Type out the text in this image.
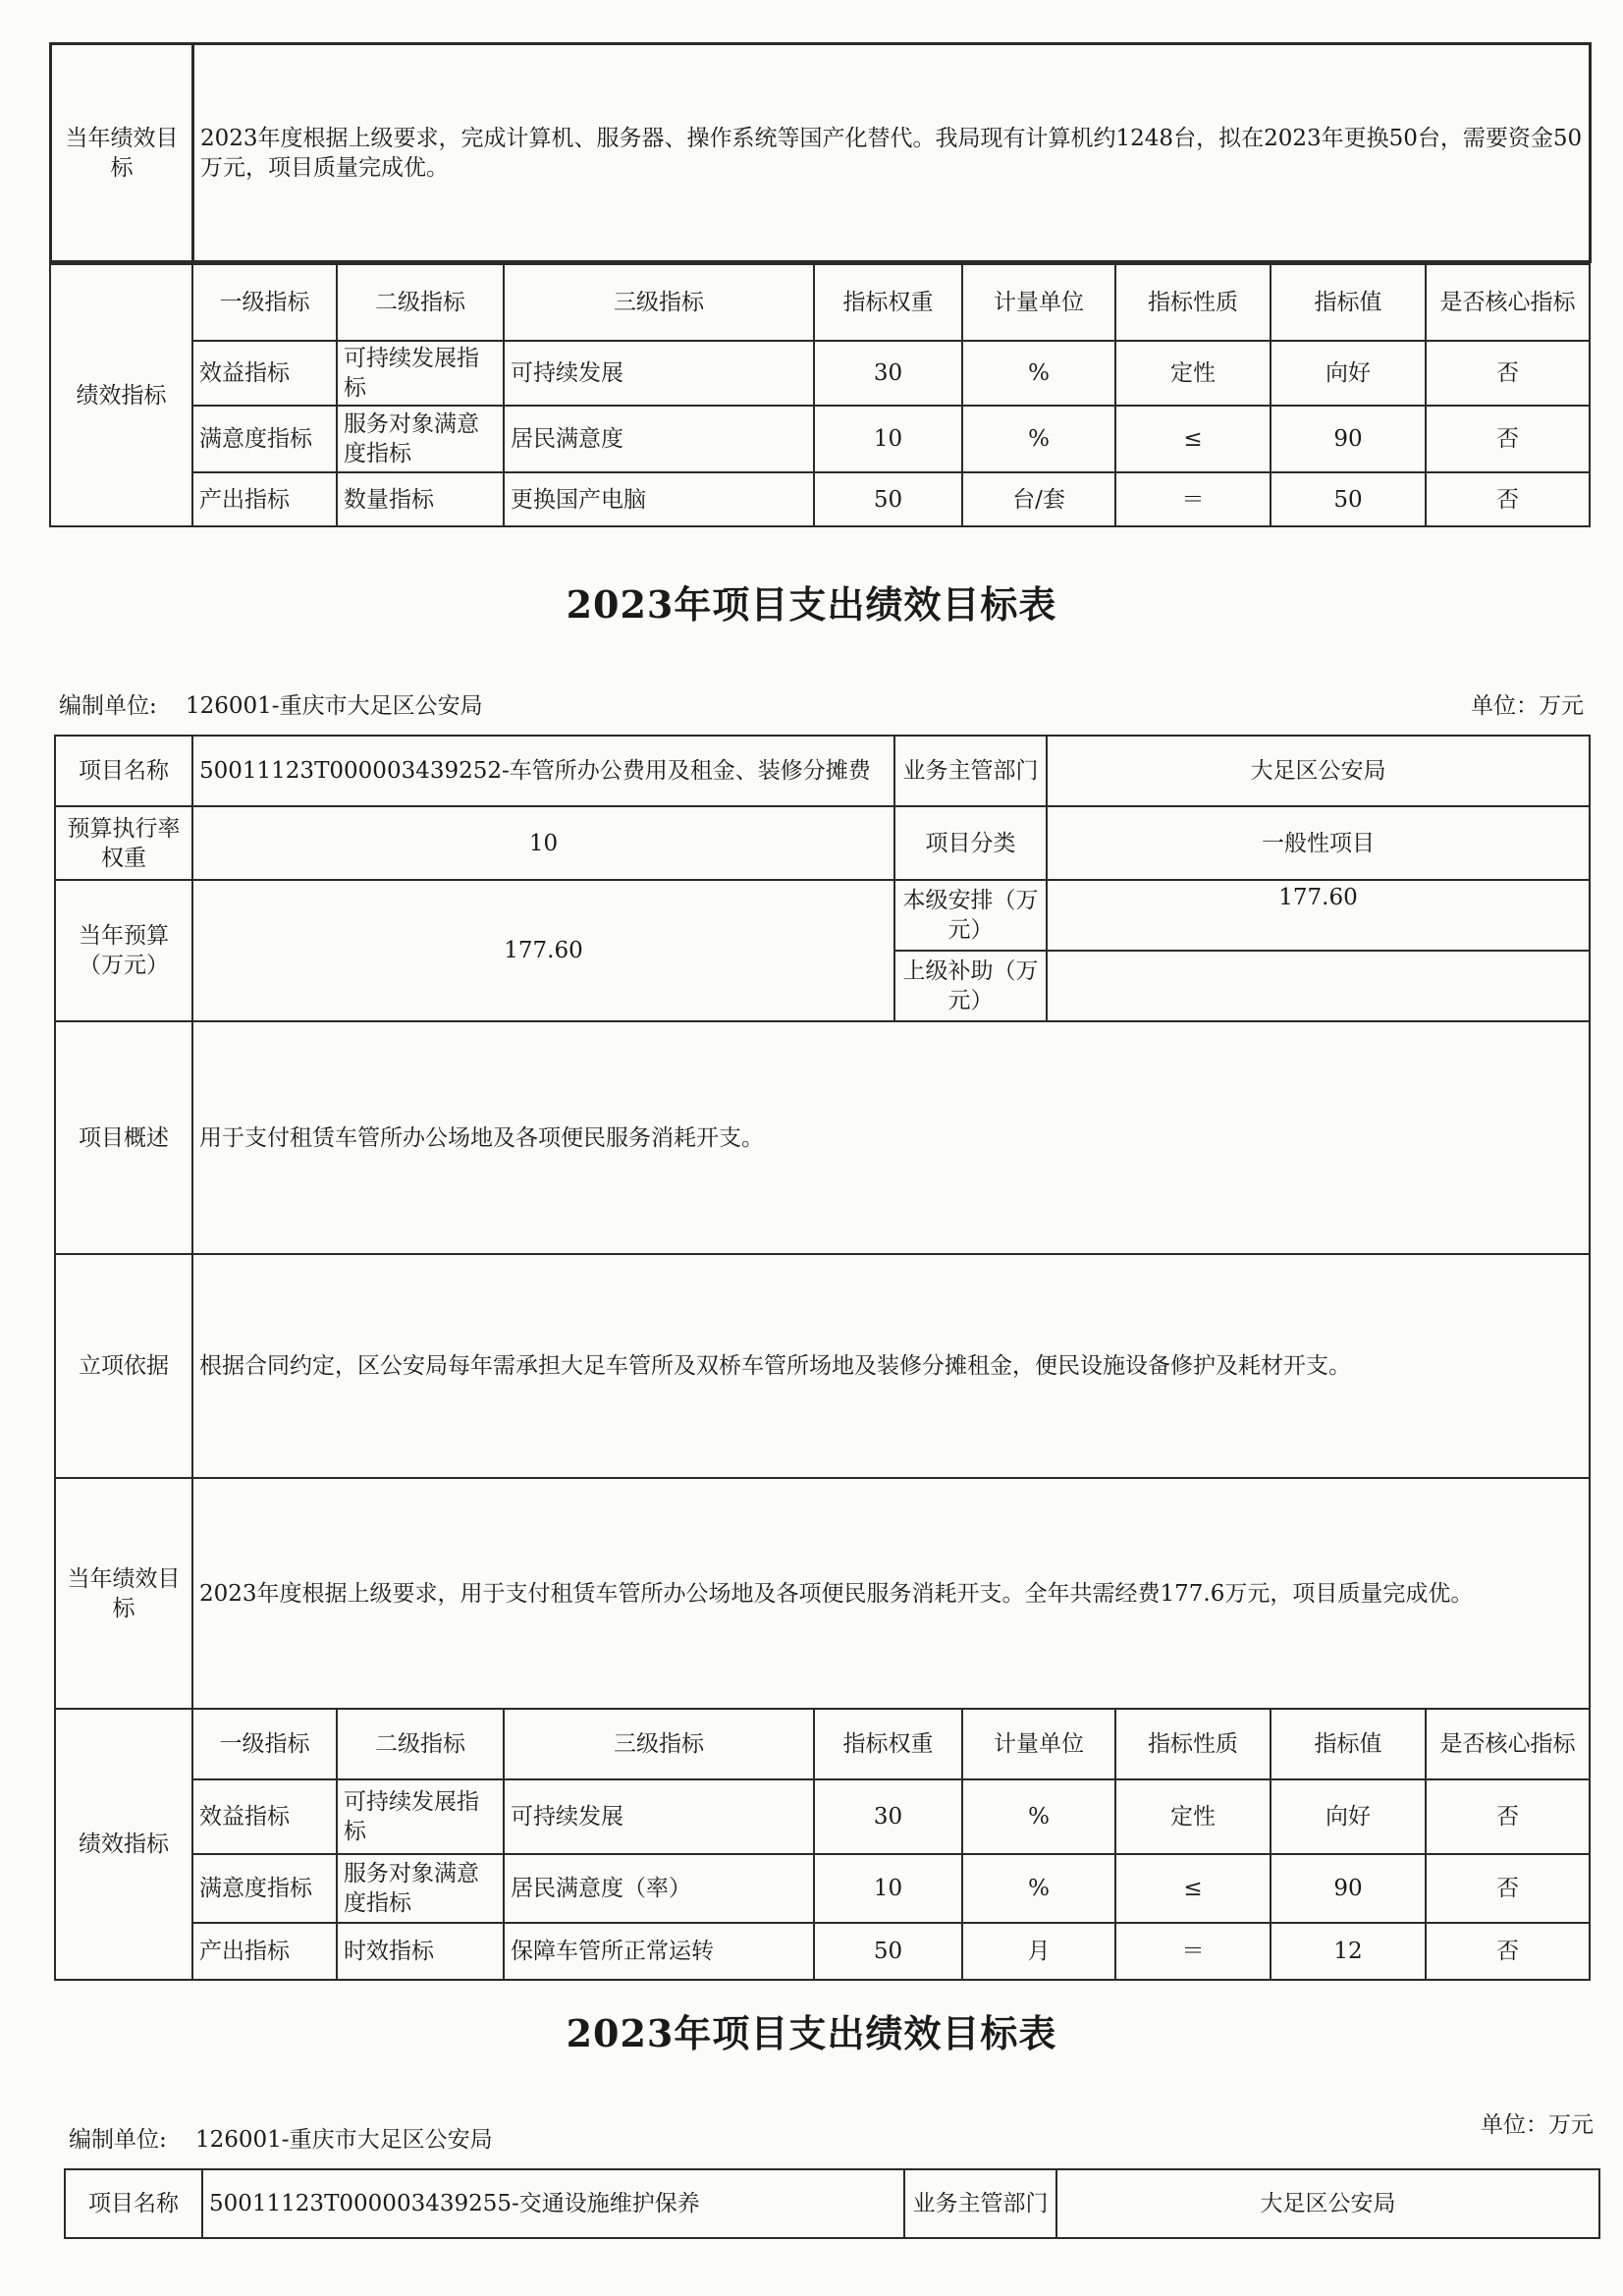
当年绩效目标	2023年度根据上级要求，完成计算机、服务器、操作系统等国产化替代。我局现有计算机约1248台，拟在2023年更换50台，需要资金50万元，项目质量完成优。
绩效指标	一级指标	二级指标	三级指标	指标权重	计量单位	指标性质	指标值	是否核心指标
	效益指标	可持续发展指标	可持续发展	30	%	定性	向好	否
	满意度指标	服务对象满意度指标	居民满意度	10	%	≤	90	否
	产出指标	数量指标	更换国产电脑	50	台/套	＝	50	否
2023年项目支出绩效目标表
编制单位: 126001-重庆市大足区公安局	单位：万元
项目名称	50011123T000003439252-车管所办公费用及租金、装修分摊费	业务主管部门	大足区公安局
预算执行率权重	10	项目分类	一般性项目
当年预算（万元）	177.60	本级安排（万元）	177.60
		上级补助（万元）	
项目概述	用于支付租赁车管所办公场地及各项便民服务消耗开支。		
立项依据	根据合同约定，区公安局每年需承担大足车管所及双桥车管所场地及装修分摊租金，便民设施设备修护及耗材开支。		
当年绩效目标	2023年度根据上级要求，用于支付租赁车管所办公场地及各项便民服务消耗开支。全年共需经费177.6万元，项目质量完成优。		
绩效指标	一级指标	二级指标	三级指标	指标权重	计量单位	指标性质	指标值	是否核心指标
	效益指标	可持续发展指标	可持续发展	30	%	定性	向好	否
	满意度指标	服务对象满意度指标	居民满意度（率）	10	%	≤	90	否
	产出指标	时效指标	保障车管所正常运转	50	月	＝	12	否
2023年项目支出绩效目标表
编制单位: 126001-重庆市大足区公安局
单位：万元
项目名称	50011123T000003439255-交通设施维护保养	业务主管部门	大足区公安局
